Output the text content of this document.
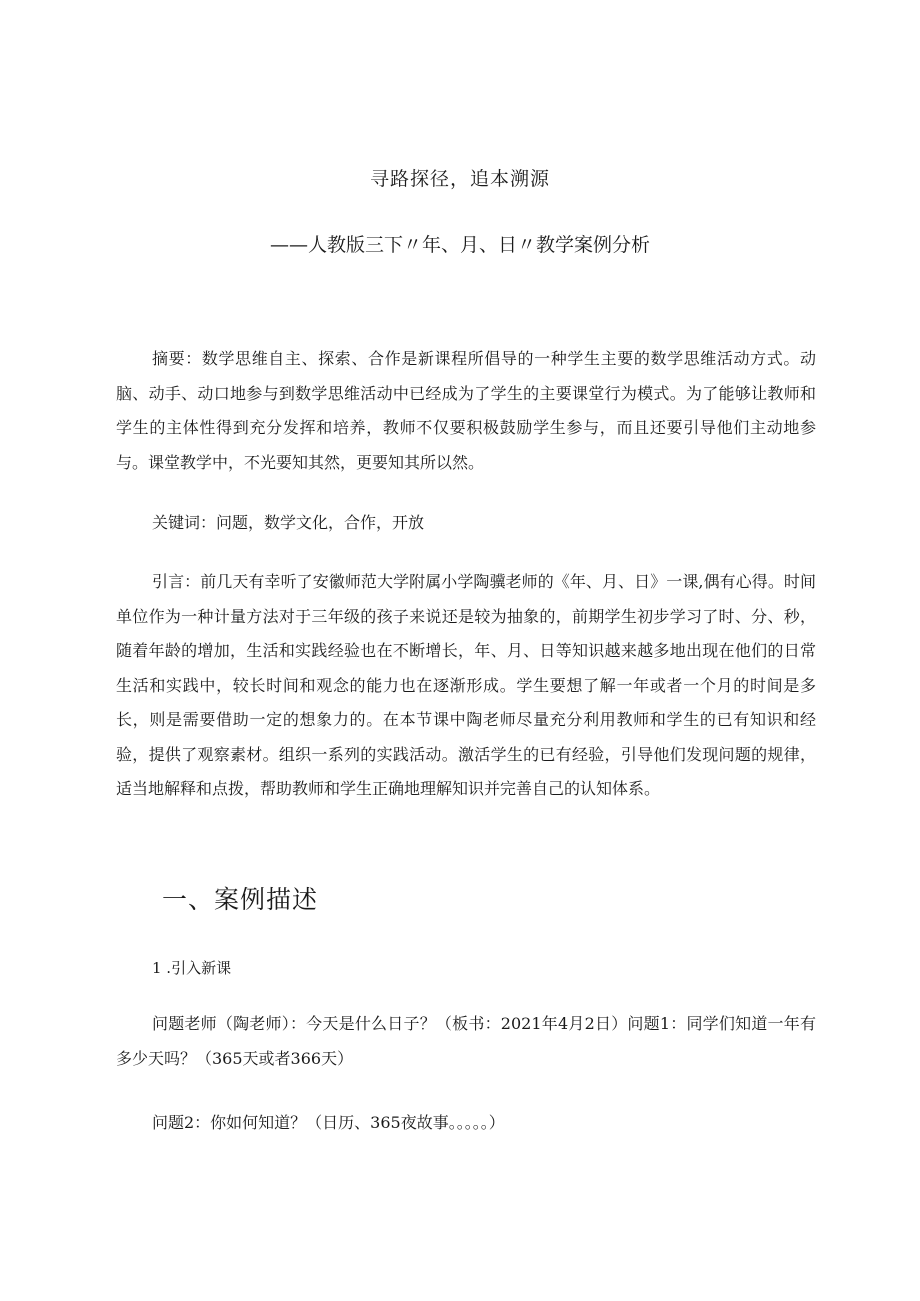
寻路探径，追本溯源
——人教版三下〃年、月、日〃教学案例分析

摘要：数学思维自主、探索、合作是新课程所倡导的一种学生主要的数学思维活动方式。动脑、动手、动口地参与到数学思维活动中已经成为了学生的主要课堂行为模式。为了能够让教师和学生的主体性得到充分发挥和培养，教师不仅要积极鼓励学生参与，而且还要引导他们主动地参与。课堂教学中，不光要知其然，更要知其所以然。

关键词：问题，数学文化，合作，开放

引言：前几天有幸听了安徽师范大学附属小学陶骥老师的《年、月、日》一课,偶有心得。时间单位作为一种计量方法对于三年级的孩子来说还是较为抽象的，前期学生初步学习了时、分、秒，随着年龄的增加，生活和实践经验也在不断增长，年、月、日等知识越来越多地出现在他们的日常生活和实践中，较长时间和观念的能力也在逐渐形成。学生要想了解一年或者一个月的时间是多长，则是需要借助一定的想象力的。在本节课中陶老师尽量充分利用教师和学生的已有知识和经验，提供了观察素材。组织一系列的实践活动。激活学生的已有经验，引导他们发现问题的规律，适当地解释和点拨，帮助教师和学生正确地理解知识并完善自己的认知体系。

一、案例描述
1 .引入新课

问题老师（陶老师）：今天是什么日子？（板书：2021年4月2日）问题1：同学们知道一年有多少天吗？（365天或者366天）

问题2：你如何知道？（日历、365夜故事。。。。。）
